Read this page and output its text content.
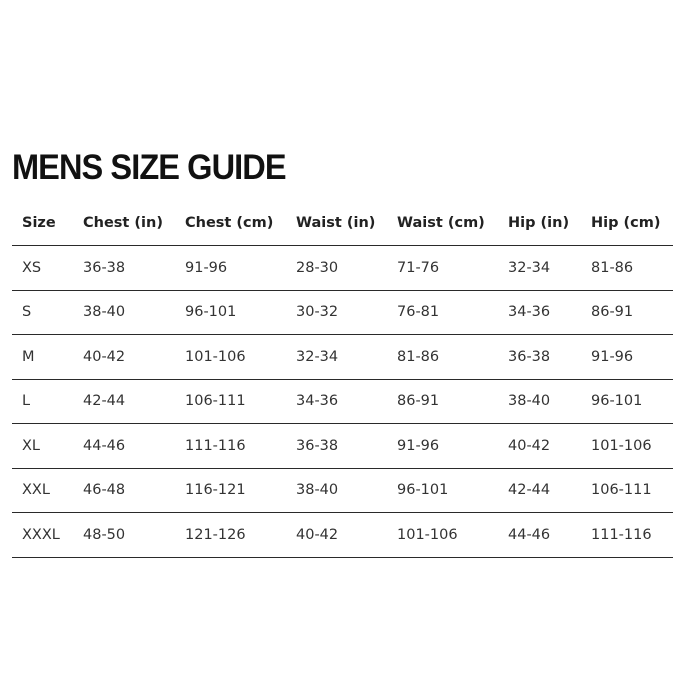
MENS SIZE GUIDE
Size	Chest (in)	Chest (cm)	Waist (in)	Waist (cm)	Hip (in)	Hip (cm)
XS	36-38	91-96	28-30	71-76	32-34	81-86
S	38-40	96-101	30-32	76-81	34-36	86-91
M	40-42	101-106	32-34	81-86	36-38	91-96
L	42-44	106-111	34-36	86-91	38-40	96-101
XL	44-46	111-116	36-38	91-96	40-42	101-106
XXL	46-48	116-121	38-40	96-101	42-44	106-111
XXXL	48-50	121-126	40-42	101-106	44-46	111-116
